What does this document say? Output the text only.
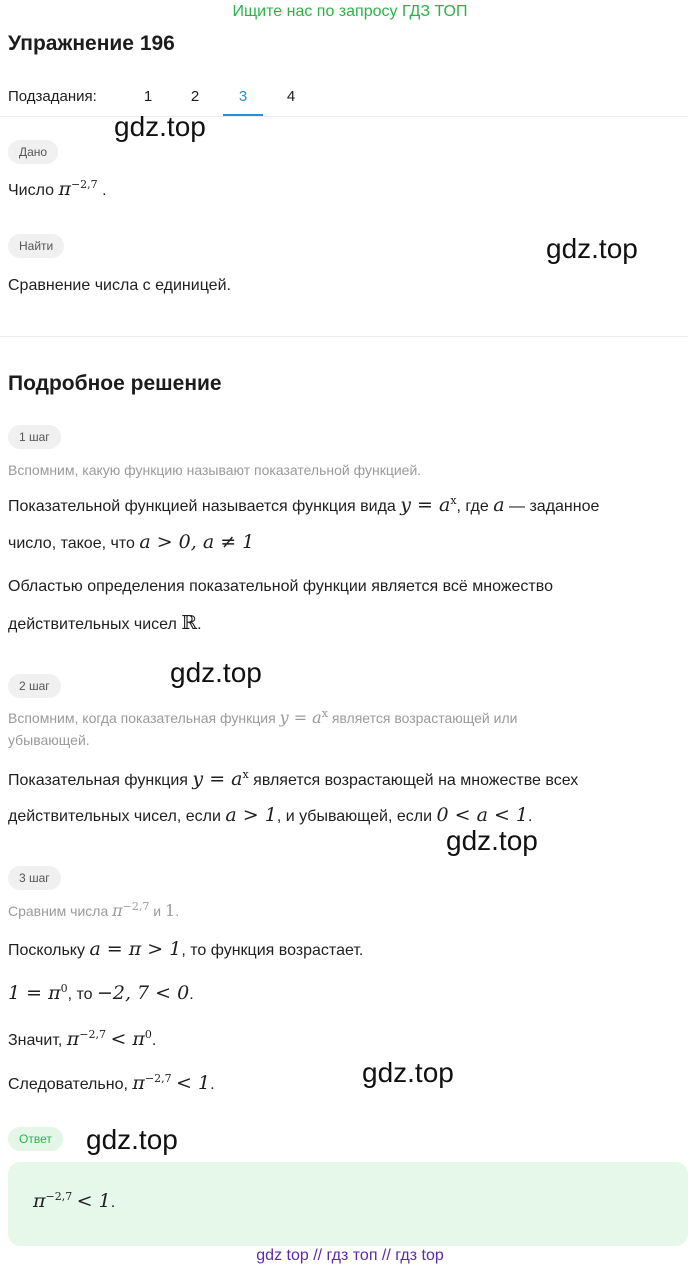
Ищите нас по запросу ГДЗ ТОП
Упражнение 196
Подзадания:	1	2	3	4
gdz.top
gdz.top
gdz.top
gdz.top
gdz.top
gdz.top
Дано
Число $\pi^{-2,7}$ .
Найти
Сравнение числа с единицей.
Подробное решение
1 шаг
Вспомним, какую функцию называют показательной функцией.
Показательной функцией называется функция вида $y = a^x$, где a — заданное
число, такое, что a > 0, a ≠ 1
Областью определения показательной функции является всё множество
действительных чисел ℝ.
2 шаг
Вспомним, когда показательная функция $y = a^x$ является возрастающей или
убывающей.
Показательная функция $y = a^x$ является возрастающей на множестве всех
действительных чисел, если a > 1, и убывающей, если 0 < a < 1.
3 шаг
Сравним числа $\pi^{-2,7}$ и 1.
Поскольку a = π > 1, то функция возрастает.
$1 = \pi^0$, то −2, 7 < 0.
Значит, $\pi^{-2,7} < \pi^0$.
Следовательно, $\pi^{-2,7} < 1$.
Ответ
$\pi^{-2,7} < 1$.
gdz top // гдз топ // гдз top
